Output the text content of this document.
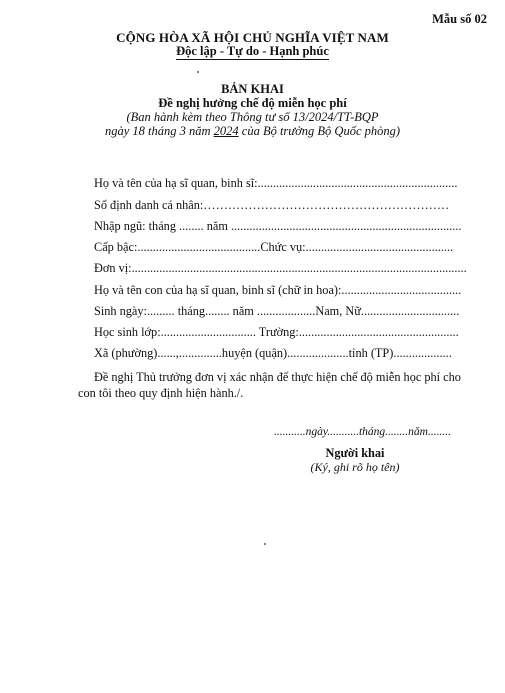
Mẫu số 02
CỘNG HÒA XÃ HỘI CHỦ NGHĨA VIỆT NAM
Độc lập - Tự do - Hạnh phúc
BẢN KHAI
Đề nghị hưởng chế độ miễn học phí
(Ban hành kèm theo Thông tư số 13/2024/TT-BQP
ngày 18 tháng 3 năm 2024 của Bộ trưởng Bộ Quốc phòng)
Họ và tên của hạ sĩ quan, binh sĩ:.................................................................
Số định danh cá nhân:……………………………………………………
Nhập ngũ: tháng ........ năm ...........................................................................
Cấp bậc:........................................Chức vụ:................................................
Đơn vị:.............................................................................................................
Họ và tên con của hạ sĩ quan, binh sĩ (chữ in hoa):.......................................
Sinh ngày:......... tháng........ năm ...................Nam, Nữ................................
Học sinh lớp:............................... Trường:....................................................
Xã (phường)......,..............huyện (quận)....................tỉnh (TP)...................
Đề nghị Thủ trưởng đơn vị xác nhận để thực hiện chế độ miễn học phí cho con tôi theo quy định hiện hành./.
...........ngày...........tháng........năm........
Người khai
(Ký, ghi rõ họ tên)
